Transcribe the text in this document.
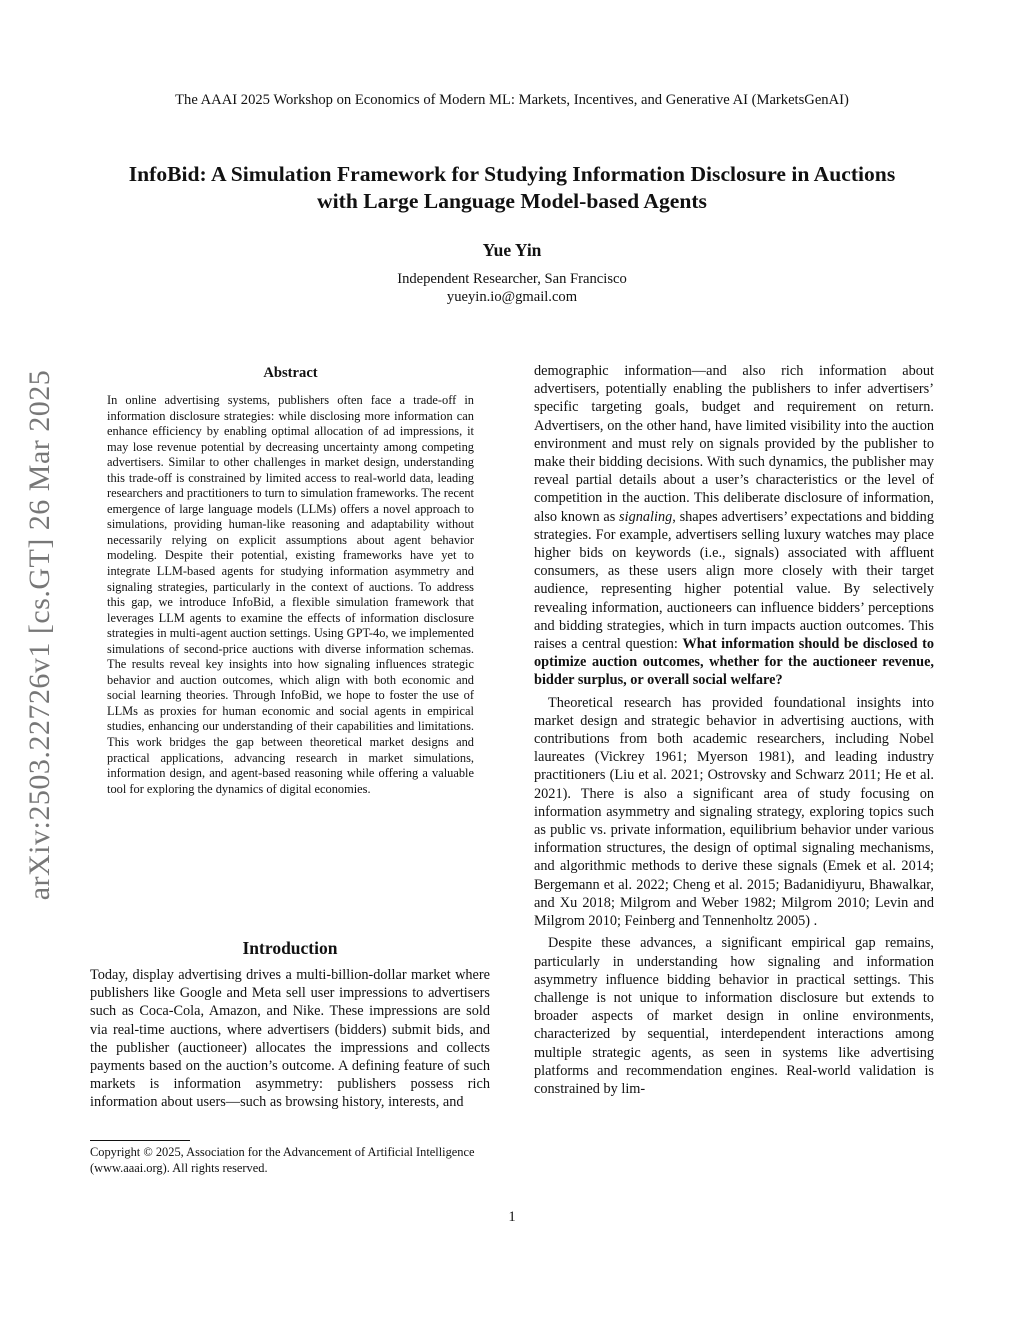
The AAAI 2025 Workshop on Economics of Modern ML: Markets, Incentives, and Generative AI (MarketsGenAI)
InfoBid: A Simulation Framework for Studying Information Disclosure in Auctions with Large Language Model-based Agents
Yue Yin
Independent Researcher, San Francisco
yueyin.io@gmail.com
arXiv:2503.22726v1 [cs.GT] 26 Mar 2025	Abstract
In online advertising systems, publishers often face a trade-off in information disclosure strategies: while disclosing more information can enhance efficiency by enabling optimal allocation of ad impressions, it may lose revenue potential by decreasing uncertainty among competing advertisers. Similar to other challenges in market design, understanding this trade-off is constrained by limited access to real-world data, leading researchers and practitioners to turn to simulation frameworks. The recent emergence of large language models (LLMs) offers a novel approach to simulations, providing human-like reasoning and adaptability without necessarily relying on explicit assumptions about agent behavior modeling. Despite their potential, existing frameworks have yet to integrate LLM-based agents for studying information asymmetry and signaling strategies, particularly in the context of auctions. To address this gap, we introduce InfoBid, a flexible simulation framework that leverages LLM agents to examine the effects of information disclosure strategies in multi-agent auction settings. Using GPT-4o, we implemented simulations of second-price auctions with diverse information schemas. The results reveal key insights into how signaling influences strategic behavior and auction outcomes, which align with both economic and social learning theories. Through InfoBid, we hope to foster the use of LLMs as proxies for human economic and social agents in empirical studies, enhancing our understanding of their capabilities and limitations. This work bridges the gap between theoretical market designs and practical applications, advancing research in market simulations, information design, and agent-based reasoning while offering a valuable tool for exploring the dynamics of digital economies.
Introduction
Today, display advertising drives a multi-billion-dollar market where publishers like Google and Meta sell user impressions to advertisers such as Coca-Cola, Amazon, and Nike. These impressions are sold via real-time auctions, where advertisers (bidders) submit bids, and the publisher (auctioneer) allocates the impressions and collects payments based on the auction’s outcome. A defining feature of such markets is information asymmetry: publishers possess rich information about users—such as browsing history, interests, and
Copyright © 2025, Association for the Advancement of Artificial Intelligence (www.aaai.org). All rights reserved.

demographic information—and also rich information about advertisers, potentially enabling the publishers to infer advertisers’ specific targeting goals, budget and requirement on return. Advertisers, on the other hand, have limited visibility into the auction environment and must rely on signals provided by the publisher to make their bidding decisions. With such dynamics, the publisher may reveal partial details about a user’s characteristics or the level of competition in the auction. This deliberate disclosure of information, also known as signaling, shapes advertisers’ expectations and bidding strategies. For example, advertisers selling luxury watches may place higher bids on keywords (i.e., signals) associated with affluent consumers, as these users align more closely with their target audience, representing higher potential value. By selectively revealing information, auctioneers can influence bidders’ perceptions and bidding strategies, which in turn impacts auction outcomes. This raises a central question: What information should be disclosed to optimize auction outcomes, whether for the auctioneer revenue, bidder surplus, or overall social welfare?

Theoretical research has provided foundational insights into market design and strategic behavior in advertising auctions, with contributions from both academic researchers, including Nobel laureates (Vickrey 1961; Myerson 1981), and leading industry practitioners (Liu et al. 2021; Ostrovsky and Schwarz 2011; He et al. 2021). There is also a significant area of study focusing on information asymmetry and signaling strategy, exploring topics such as public vs. private information, equilibrium behavior under various information structures, the design of optimal signaling mechanisms, and algorithmic methods to derive these signals (Emek et al. 2014; Bergemann et al. 2022; Cheng et al. 2015; Badanidiyuru, Bhawalkar, and Xu 2018; Milgrom and Weber 1982; Milgrom 2010; Levin and Milgrom 2010; Feinberg and Tennenholtz 2005) .

Despite these advances, a significant empirical gap remains, particularly in understanding how signaling and information asymmetry influence bidding behavior in practical settings. This challenge is not unique to information disclosure but extends to broader aspects of market design in online environments, characterized by sequential, interdependent interactions among multiple strategic agents, as seen in systems like advertising platforms and recommendation engines. Real-world validation is constrained by lim-

1
